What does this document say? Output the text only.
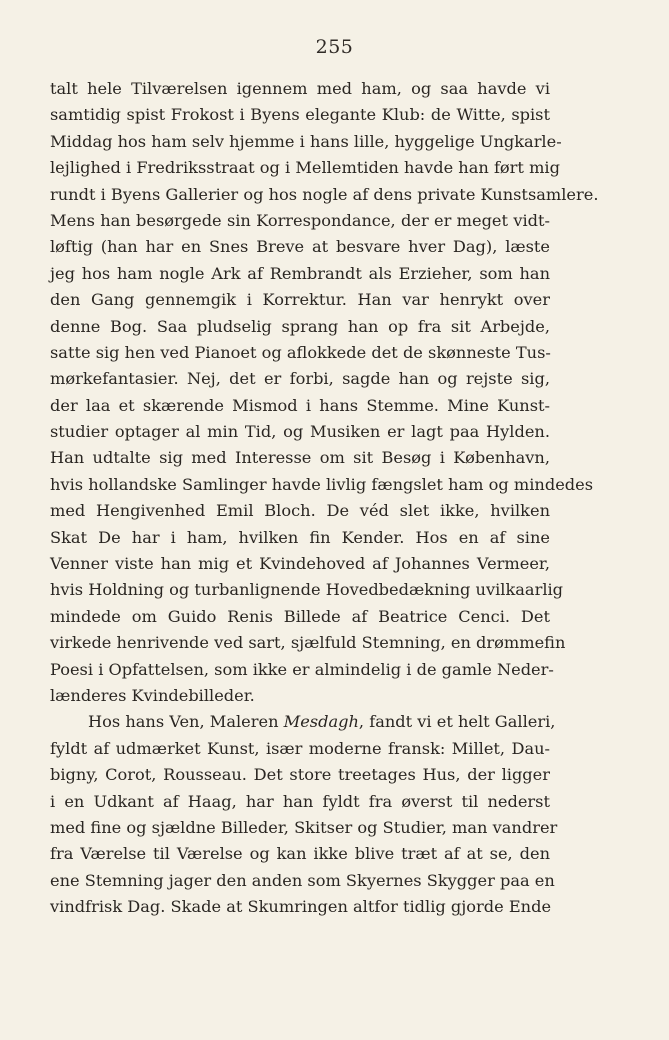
255
talt hele Tilværelsen igennem med ham, og saa havde vi
samtidig spist Frokost i Byens elegante Klub: de Witte, spist
Middag hos ham selv hjemme i hans lille, hyggelige Ungkarle-
lejlighed i Fredriksstraat og i Mellemtiden havde han ført mig
rundt i Byens Gallerier og hos nogle af dens private Kunstsamlere.
Mens han besørgede sin Korrespondance, der er meget vidt-
løftig (han har en Snes Breve at besvare hver Dag), læste
jeg hos ham nogle Ark af Rembrandt als Erzieher, som han
den Gang gennemgik i Korrektur. Han var henrykt over
denne Bog. Saa pludselig sprang han op fra sit Arbejde,
satte sig hen ved Pianoet og aflokkede det de skønneste Tus-
mørkefantasier. Nej, det er forbi, sagde han og rejste sig,
der laa et skærende Mismod i hans Stemme. Mine Kunst-
studier optager al min Tid, og Musiken er lagt paa Hylden.
Han udtalte sig med Interesse om sit Besøg i København,
hvis hollandske Samlinger havde livlig fængslet ham og mindedes
med Hengivenhed Emil Bloch. De véd slet ikke, hvilken
Skat De har i ham, hvilken fin Kender. Hos en af sine
Venner viste han mig et Kvindehoved af Johannes Vermeer,
hvis Holdning og turbanlignende Hovedbedækning uvilkaarlig
mindede om Guido Renis Billede af Beatrice Cenci. Det
virkede henrivende ved sart, sjælfuld Stemning, en drømmefin
Poesi i Opfattelsen, som ikke er almindelig i de gamle Neder-
lænderes Kvindebilleder.
Hos hans Ven, Maleren Mesdagh, fandt vi et helt Galleri,
fyldt af udmærket Kunst, især moderne fransk: Millet, Dau-
bigny, Corot, Rousseau. Det store treetages Hus, der ligger
i en Udkant af Haag, har han fyldt fra øverst til nederst
med fine og sjældne Billeder, Skitser og Studier, man vandrer
fra Værelse til Værelse og kan ikke blive træt af at se, den
ene Stemning jager den anden som Skyernes Skygger paa en
vindfrisk Dag. Skade at Skumringen altfor tidlig gjorde Ende
